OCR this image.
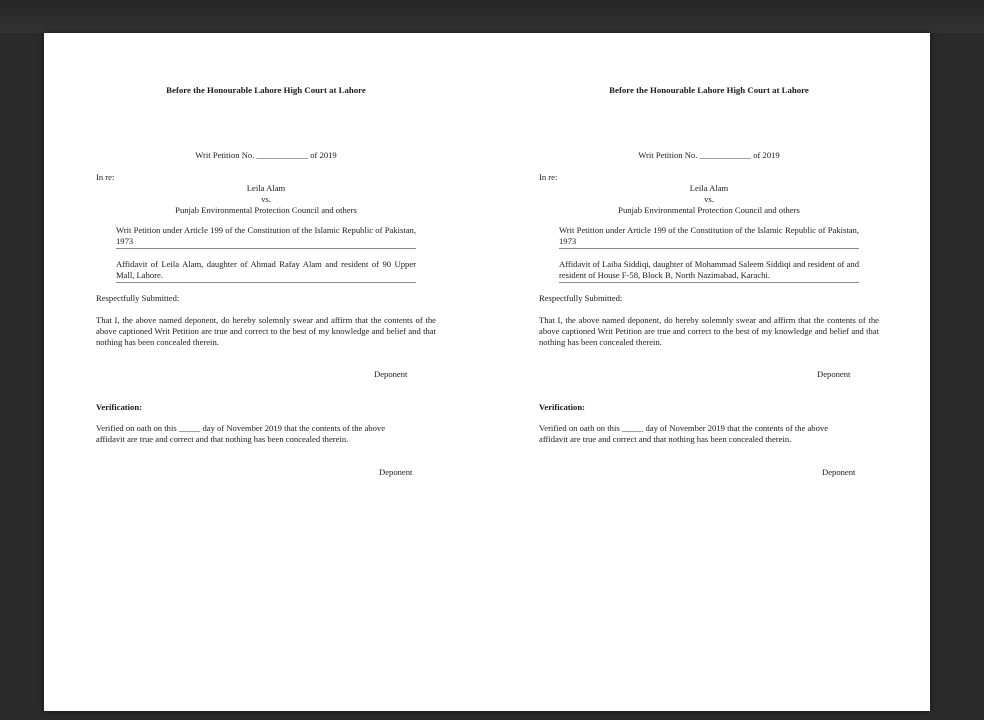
Before the Honourable Lahore High Court at Lahore

Writ Petition No. ____________ of 2019

In re:

Leila Alam
vs.
Punjab Environmental Protection Council and others

Writ Petition under Article 199 of the Constitution of the Islamic Republic of Pakistan, 1973

Affidavit of Leila Alam, daughter of Ahmad Rafay Alam and resident of 90 Upper Mall, Lahore.

Respectfully Submitted:

That I, the above named deponent, do hereby solemnly swear and affirm that the contents of the above captioned Writ Petition are true and correct to the best of my knowledge and belief and that nothing has been concealed therein.

Deponent

Verification:

Verified on oath on this _____ day of November 2019 that the contents of the above affidavit are true and correct and that nothing has been concealed therein.

Deponent

Before the Honourable Lahore High Court at Lahore

Writ Petition No. ____________ of 2019

In re:

Leila Alam
vs.
Punjab Environmental Protection Council and others

Writ Petition under Article 199 of the Constitution of the Islamic Republic of Pakistan, 1973

Affidavit of Laiba Siddiqi, daughter of Mohammad Saleem Siddiqi and resident of and resident of House F-58, Block B, North Nazimabad, Karachi.

Respectfully Submitted:

That I, the above named deponent, do hereby solemnly swear and affirm that the contents of the above captioned Writ Petition are true and correct to the best of my knowledge and belief and that nothing has been concealed therein.

Deponent

Verification:

Verified on oath on this _____ day of November 2019 that the contents of the above affidavit are true and correct and that nothing has been concealed therein.

Deponent
